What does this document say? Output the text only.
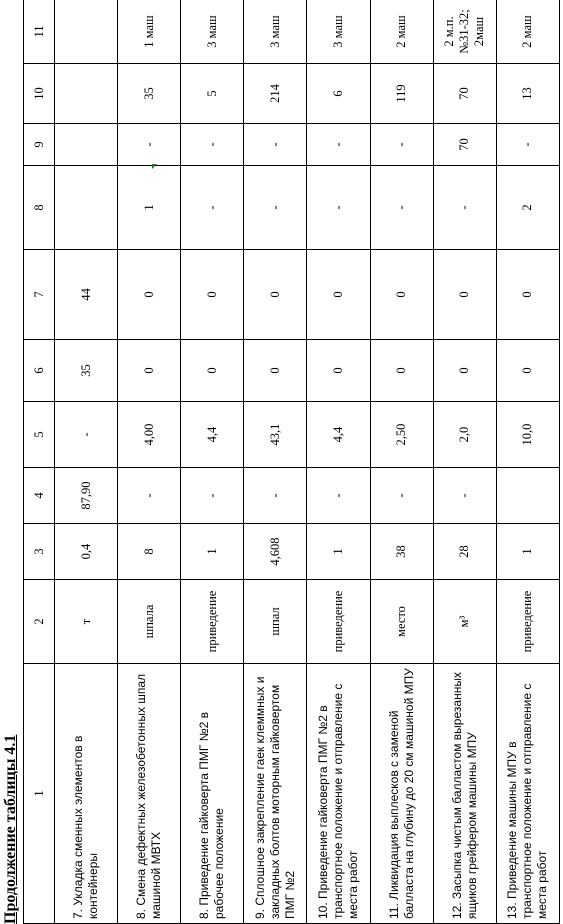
Продолжение таблицы 4.1 1	2	3	4	5	6	7	8	9	10	11
7. Укладка сменных элементов в контейнеры	т	0,4	87,90	-	35	44				
8. Смена дефектных железобетонных шпал машиной МВТХ	шпала	8	-	4,00	0	0	1	-	35	1 маш
8. Приведение гайковерта ПМГ №2 в рабочее положение	приведение	1	-	4,4	0	0	-	-	5	3 маш
9. Сплошное закрепление гаек клеммных и закладных болтов моторным гайковертом ПМГ №2	шпал	4,608	-	43,1	0	0	-	-	214	3 маш
10. Приведение гайковерта ПМГ №2 в транспортное положение и отправление с места работ	приведение	1	-	4,4	0	0	-	-	6	3 маш
11. Ликвидация выплесков с заменой балласта на глубину до 20 см машиной МПУ	место	38	-	2,50	0	0	-	-	119	2 маш
12. Засыпка чистым балластом вырезанных ящиков грейфером машины МПУ	м³	28	-	2,0	0	0	-	70	70	2 м.п. №31-32; 2маш
13. Приведение машины МПУ в транспортное положение и отправление с места работ	приведение	1		10,0	0	0	2	-	13	2 маш
